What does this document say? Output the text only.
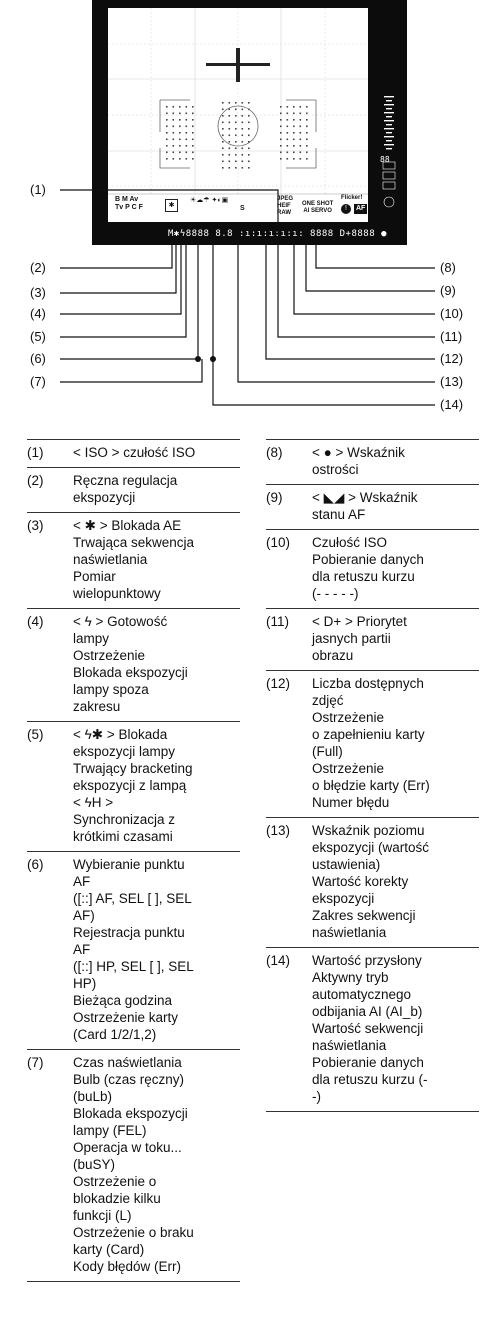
B M Av
Tv P C F	✱
☀☁☂ ✦◐▣
S
JPEG
HEIF
RAW
ONE SHOT
AI SERVO
Flicker!
!	AF
88
M✱ϟ8888 8.8 :ı:ı:ı:ı:ı: 8888 D+8888 ●
(1)
(2)
(3)
(4)
(5)
(6)
(7)
(8)
(9)
(10)
(11)
(12)
(13)
(14)
(1)	< ISO > czułość ISO
(2)	Ręczna regulacja
ekspozycji
(3)	< ✱ > Blokada AE
Trwająca sekwencja
naświetlania
Pomiar
wielopunktowy
(4)	< ϟ > Gotowość
lampy
Ostrzeżenie
Blokada ekspozycji
lampy spoza
zakresu
(5)	< ϟ✱ > Blokada
ekspozycji lampy
Trwający bracketing
ekspozycji z lampą
< ϟH >
Synchronizacja z
krótkimi czasami
(6)	Wybieranie punktu
AF
([::] AF, SEL [ ], SEL
AF)
Rejestracja punktu
AF
([::] HP, SEL [ ], SEL
HP)
Bieżąca godzina
Ostrzeżenie karty
(Card 1/2/1,2)
(7)	Czas naświetlania
Bulb (czas ręczny)
(buLb)
Blokada ekspozycji
lampy (FEL)
Operacja w toku...
(buSY)
Ostrzeżenie o
blokadzie kilku
funkcji (L)
Ostrzeżenie o braku
karty (Card)
Kody błędów (Err)
(8)	< ● > Wskaźnik
ostrości
(9)	< ◣◢ > Wskaźnik
stanu AF
(10)	Czułość ISO
Pobieranie danych
dla retuszu kurzu
(- - - - -)
(11)	< D+ > Priorytet
jasnych partii
obrazu
(12)	Liczba dostępnych
zdjęć
Ostrzeżenie
o zapełnieniu karty
(Full)
Ostrzeżenie
o błędzie karty (Err)
Numer błędu
(13)	Wskaźnik poziomu
ekspozycji (wartość
ustawienia)
Wartość korekty
ekspozycji
Zakres sekwencji
naświetlania
(14)	Wartość przysłony
Aktywny tryb
automatycznego
odbijania AI (AI_b)
Wartość sekwencji
naświetlania
Pobieranie danych
dla retuszu kurzu (-
-)
